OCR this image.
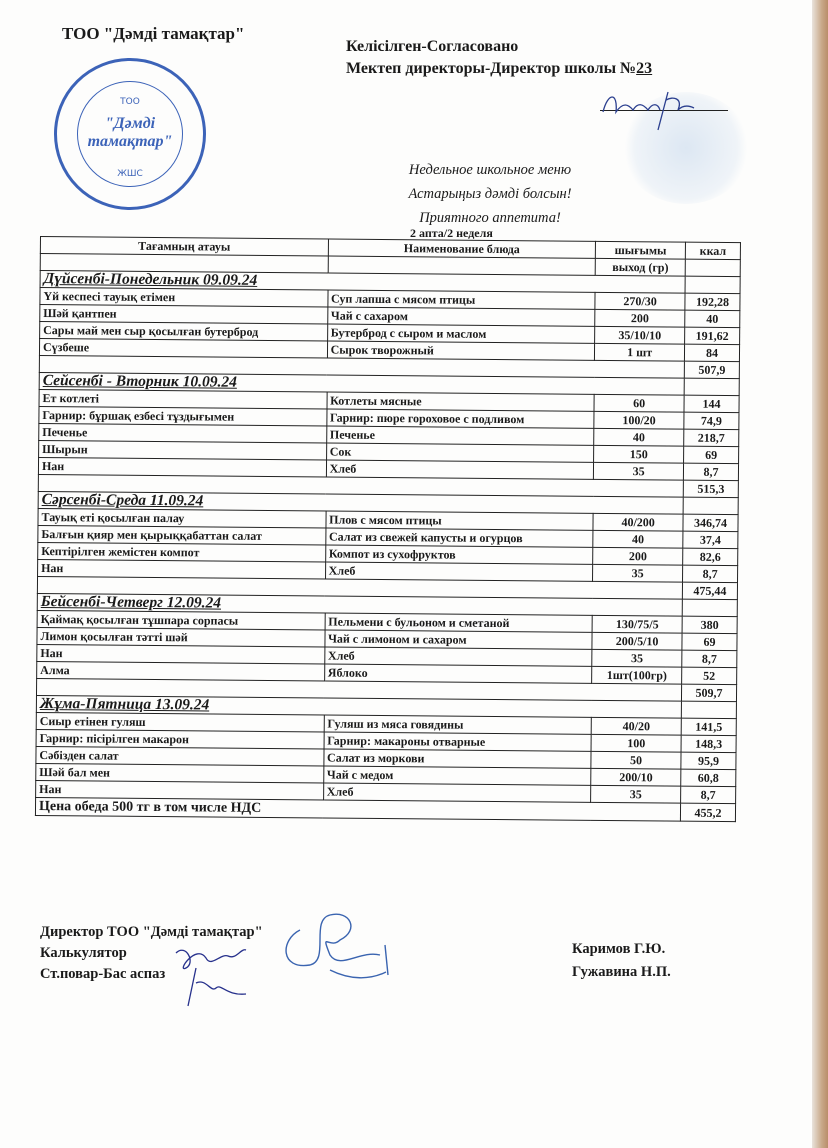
ТОО "Дәмді тамақтар"
ТОО
"Дәмді
тамақтар"
ЖШС
Келісілген-Согласовано
Мектеп директоры-Директор школы №23
Недельное школьное меню
Астарыңыз дәмді болсын!
Приятного аппетита!
2 апта/2 неделя
Тағамның атауы	Наименование блюда	шығымы	ккал
		выход (гр)	
Дүйсенбі-Понедельник 09.09.24			
Үй кеспесі тауық етімен	Суп лапша с мясом птицы	270/30	192,28
Шәй қантпен	Чай с сахаром	200	40
Сары май мен сыр қосылған бутерброд	Бутерброд с сыром и маслом	35/10/10	191,62
Сүзбеше	Сырок творожный	1 шт	84
			507,9
Сейсенбі - Вторник 10.09.24			
Ет котлеті	Котлеты мясные	60	144
Гарнир: бұршақ езбесі тұздығымен	Гарнир: пюре гороховое с подливом	100/20	74,9
Печенье	Печенье	40	218,7
Шырын	Сок	150	69
Нан	Хлеб	35	8,7
			515,3
Сәрсенбі-Среда 11.09.24			
Тауық еті қосылған палау	Плов с мясом птицы	40/200	346,74
Балғын қияр мен қырыққабаттан салат	Салат из свежей капусты и огурцов	40	37,4
Кептірілген жемістен компот	Компот из сухофруктов	200	82,6
Нан	Хлеб	35	8,7
			475,44
Бейсенбі-Четверг 12.09.24			
Қаймақ қосылған тұшпара сорпасы	Пельмени с бульоном и сметаной	130/75/5	380
Лимон қосылған тәтті шәй	Чай с лимоном и сахаром	200/5/10	69
Нан	Хлеб	35	8,7
Алма	Яблоко	1шт(100гр)	52
			509,7
Жұма-Пятница 13.09.24			
Сиыр етінен гуляш	Гуляш из мяса говядины	40/20	141,5
Гарнир: пісірілген макарон	Гарнир: макароны отварные	100	148,3
Сәбізден салат	Салат из моркови	50	95,9
Шәй бал мен	Чай с медом	200/10	60,8
Нан	Хлеб	35	8,7
Цена обеда 500 тг в том числе НДС			455,2
Директор ТОО "Дәмді тамақтар"
Калькулятор
Ст.повар-Бас аспаз
Каримов Г.Ю.
Гужавина Н.П.
